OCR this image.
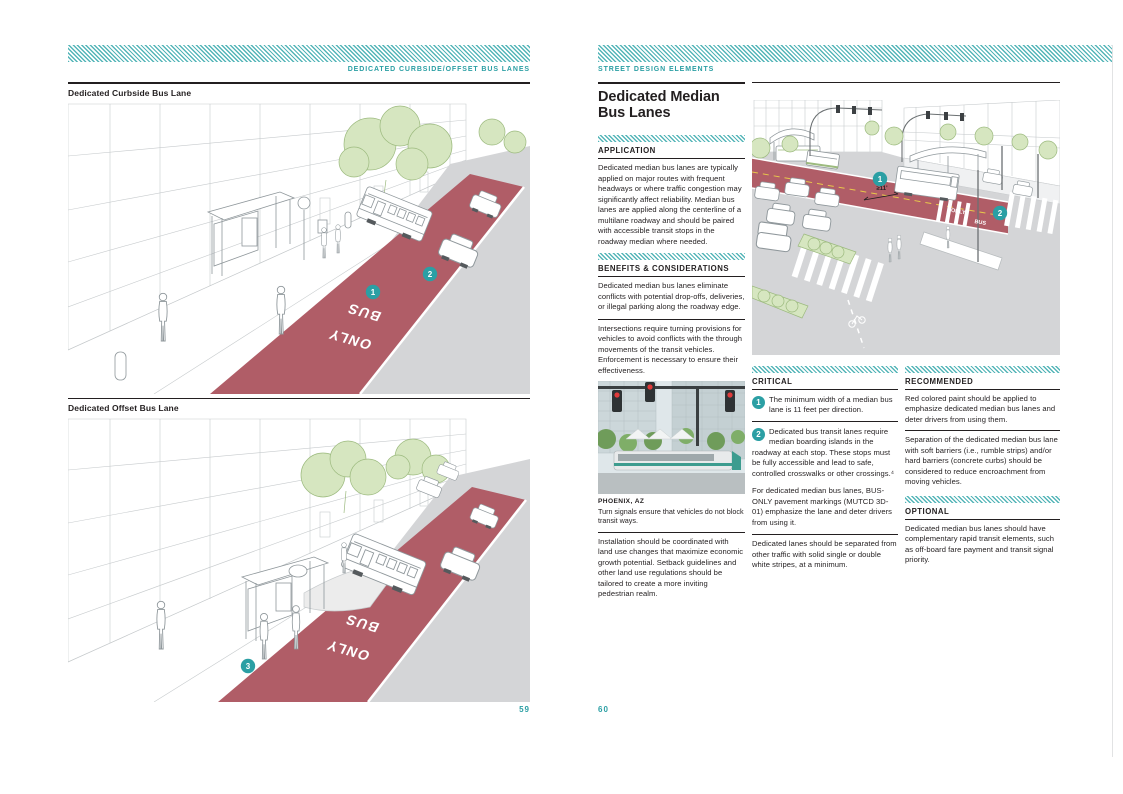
DEDICATED CURBSIDE/OFFSET BUS LANES
Dedicated Curbside Bus Lane
BUS
ONLY
1
2
Dedicated Offset Bus Lane
BUS
ONLY
3
59
STREET DESIGN ELEMENTS
Dedicated Median Bus Lanes
APPLICATION
Dedicated median bus lanes are typically applied on major routes with frequent headways or where traffic congestion may significantly affect reliability. Median bus lanes are applied along the centerline of a multilane roadway and should be paired with accessible transit stops in the roadway median where needed.
BENEFITS & CONSIDERATIONS
Dedicated median bus lanes eliminate conflicts with potential drop-offs, deliveries, or illegal parking along the roadway edge.
Intersections require turning provisions for vehicles to avoid conflicts with the through movements of the transit vehicles. Enforcement is necessary to ensure their effectiveness.
PHOENIX, AZ
Turn signals ensure that vehicles do not block transit ways.
Installation should be coordinated with land use changes that maximize economic growth potential. Setback guidelines and other land use regulations should be tailored to create a more inviting pedestrian realm.
ONLY
BUS
≥11'
1
2
CRITICAL
1	The minimum width of a median bus lane is 11 feet per direction.
2	Dedicated bus transit lanes require median boarding islands in the roadway at each stop. These stops must be fully accessible and lead to safe, controlled crosswalks or other crossings.⁴
For dedicated median bus lanes, BUS-ONLY pavement markings (MUTCD 3D-01) emphasize the lane and deter drivers from using it.
Dedicated lanes should be separated from other traffic with solid single or double white stripes, at a minimum.
RECOMMENDED
Red colored paint should be applied to emphasize dedicated median bus lanes and deter drivers from using them.
Separation of the dedicated median bus lane with soft barriers (i.e., rumble strips) and/or hard barriers (concrete curbs) should be considered to reduce encroachment from moving vehicles.
OPTIONAL
Dedicated median bus lanes should have complementary rapid transit elements, such as off-board fare payment and transit signal priority.
60
